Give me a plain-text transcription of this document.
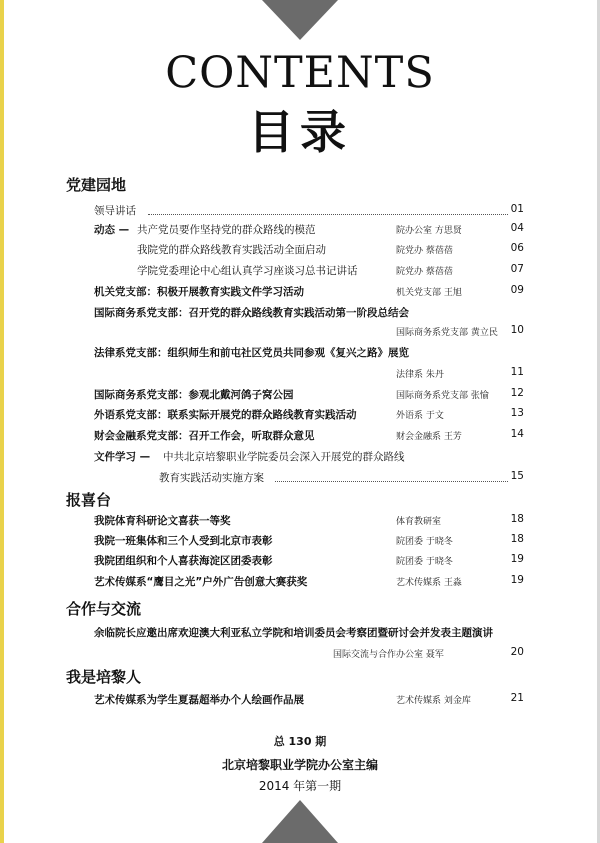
CONTENTS
目录
党建园地
领导讲话	01
动态 — 共产党员要作坚持党的群众路线的模范	院办公室 方思贤	04
我院党的群众路线教育实践活动全面启动	院党办 蔡蓓蓓	06
学院党委理论中心组认真学习座谈习总书记讲话	院党办 蔡蓓蓓	07
机关党支部：积极开展教育实践文件学习活动	机关党支部 王旭	09
国际商务系党支部：召开党的群众路线教育实践活动第一阶段总结会
国际商务系党支部 黄立民 10
法律系党支部：组织师生和前屯社区党员共同参观《复兴之路》展览
法律系 朱丹	11
国际商务系党支部：参观北戴河鸽子窝公园	国际商务系党支部 张愉 12
外语系党支部：联系实际开展党的群众路线教育实践活动	外语系 于文	13
财会金融系党支部：召开工作会，听取群众意见	财会金融系 王芳	14
文件学习 — 中共北京培黎职业学院委员会深入开展党的群众路线
教育实践活动实施方案	15
报喜台
我院体育科研论文喜获一等奖	体育教研室	18
我院一班集体和三个人受到北京市表彰	院团委 于晓冬	18
我院团组织和个人喜获海淀区团委表彰	院团委 于晓冬	19
艺术传媒系“鹰目之光”户外广告创意大赛获奖	艺术传媒系 王淼	19
合作与交流
余临院长应邀出席欢迎澳大利亚私立学院和培训委员会考察团暨研讨会并发表主题演讲
国际交流与合作办公室 聂军	20
我是培黎人
艺术传媒系为学生夏磊超举办个人绘画作品展	艺术传媒系 刘金库	21
总 130 期
北京培黎职业学院办公室主编
2014 年第一期
